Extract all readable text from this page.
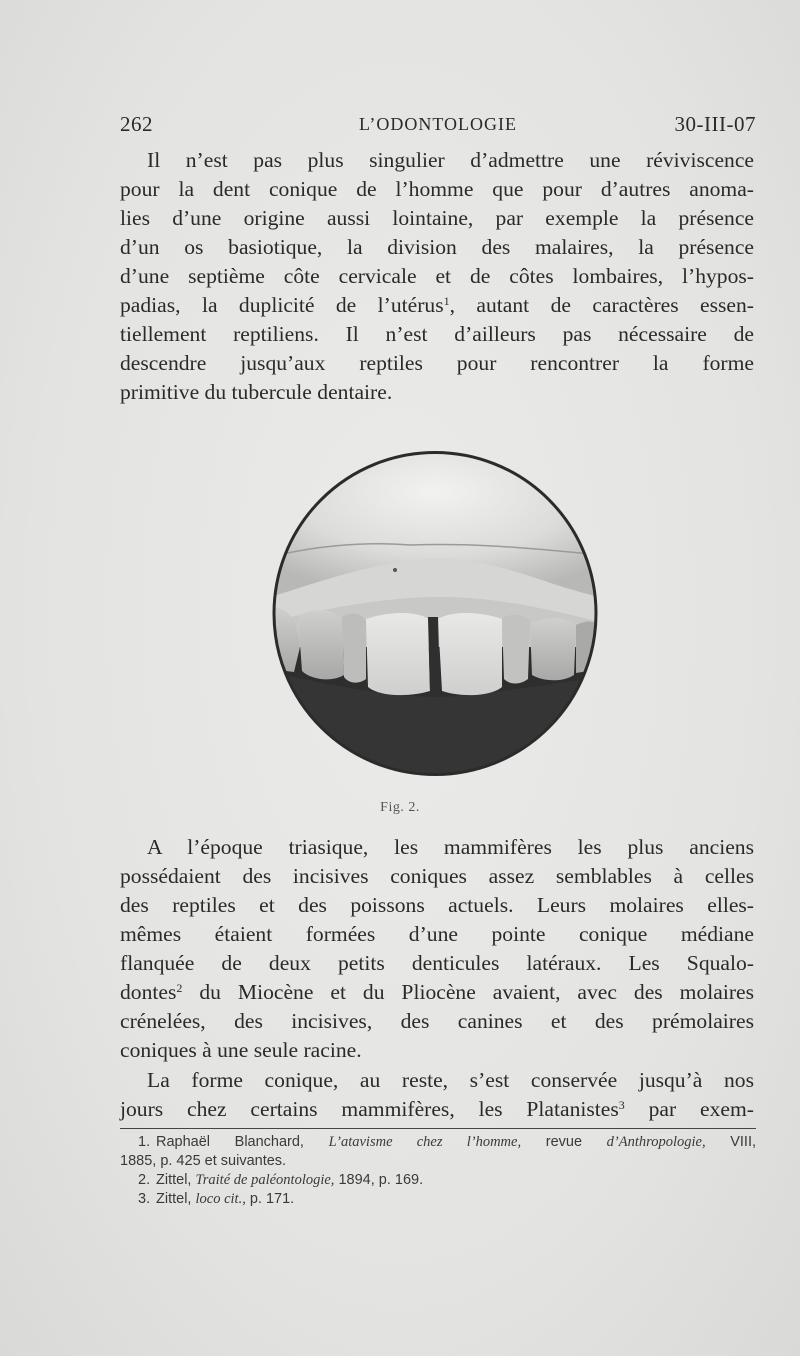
262	L’ODONTOLOGIE	30-III-07
Il n’est pas plus singulier d’admettre une réviviscence
pour la dent conique de l’homme que pour d’autres anoma-
lies d’une origine aussi lointaine, par exemple la présence
d’un os basiotique, la division des malaires, la présence
d’une septième côte cervicale et de côtes lombaires, l’hypos-
padias, la duplicité de l’utérus$^1$, autant de caractères essen-
tiellement reptiliens. Il n’est d’ailleurs pas nécessaire de
descendre jusqu’aux reptiles pour rencontrer la forme
primitive du tubercule dentaire.
Fig. 2.
A l’époque triasique, les mammifères les plus anciens
possédaient des incisives coniques assez semblables à celles
des reptiles et des poissons actuels. Leurs molaires elles-
mêmes étaient formées d’une pointe conique médiane
flanquée de deux petits denticules latéraux. Les Squalo-
dontes$^2$ du Miocène et du Pliocène avaient, avec des molaires
crénelées, des incisives, des canines et des prémolaires
coniques à une seule racine.
La forme conique, au reste, s’est conservée jusqu’à nos
jours chez certains mammifères, les Platanistes$^3$ par exem-
1. Raphaël Blanchard, L’atavisme chez l’homme, revue d’Anthropologie, VIII,
1885, p. 425 et suivantes.
2. Zittel, Traité de paléontologie, 1894, p. 169.
3. Zittel, loco cit., p. 171.
